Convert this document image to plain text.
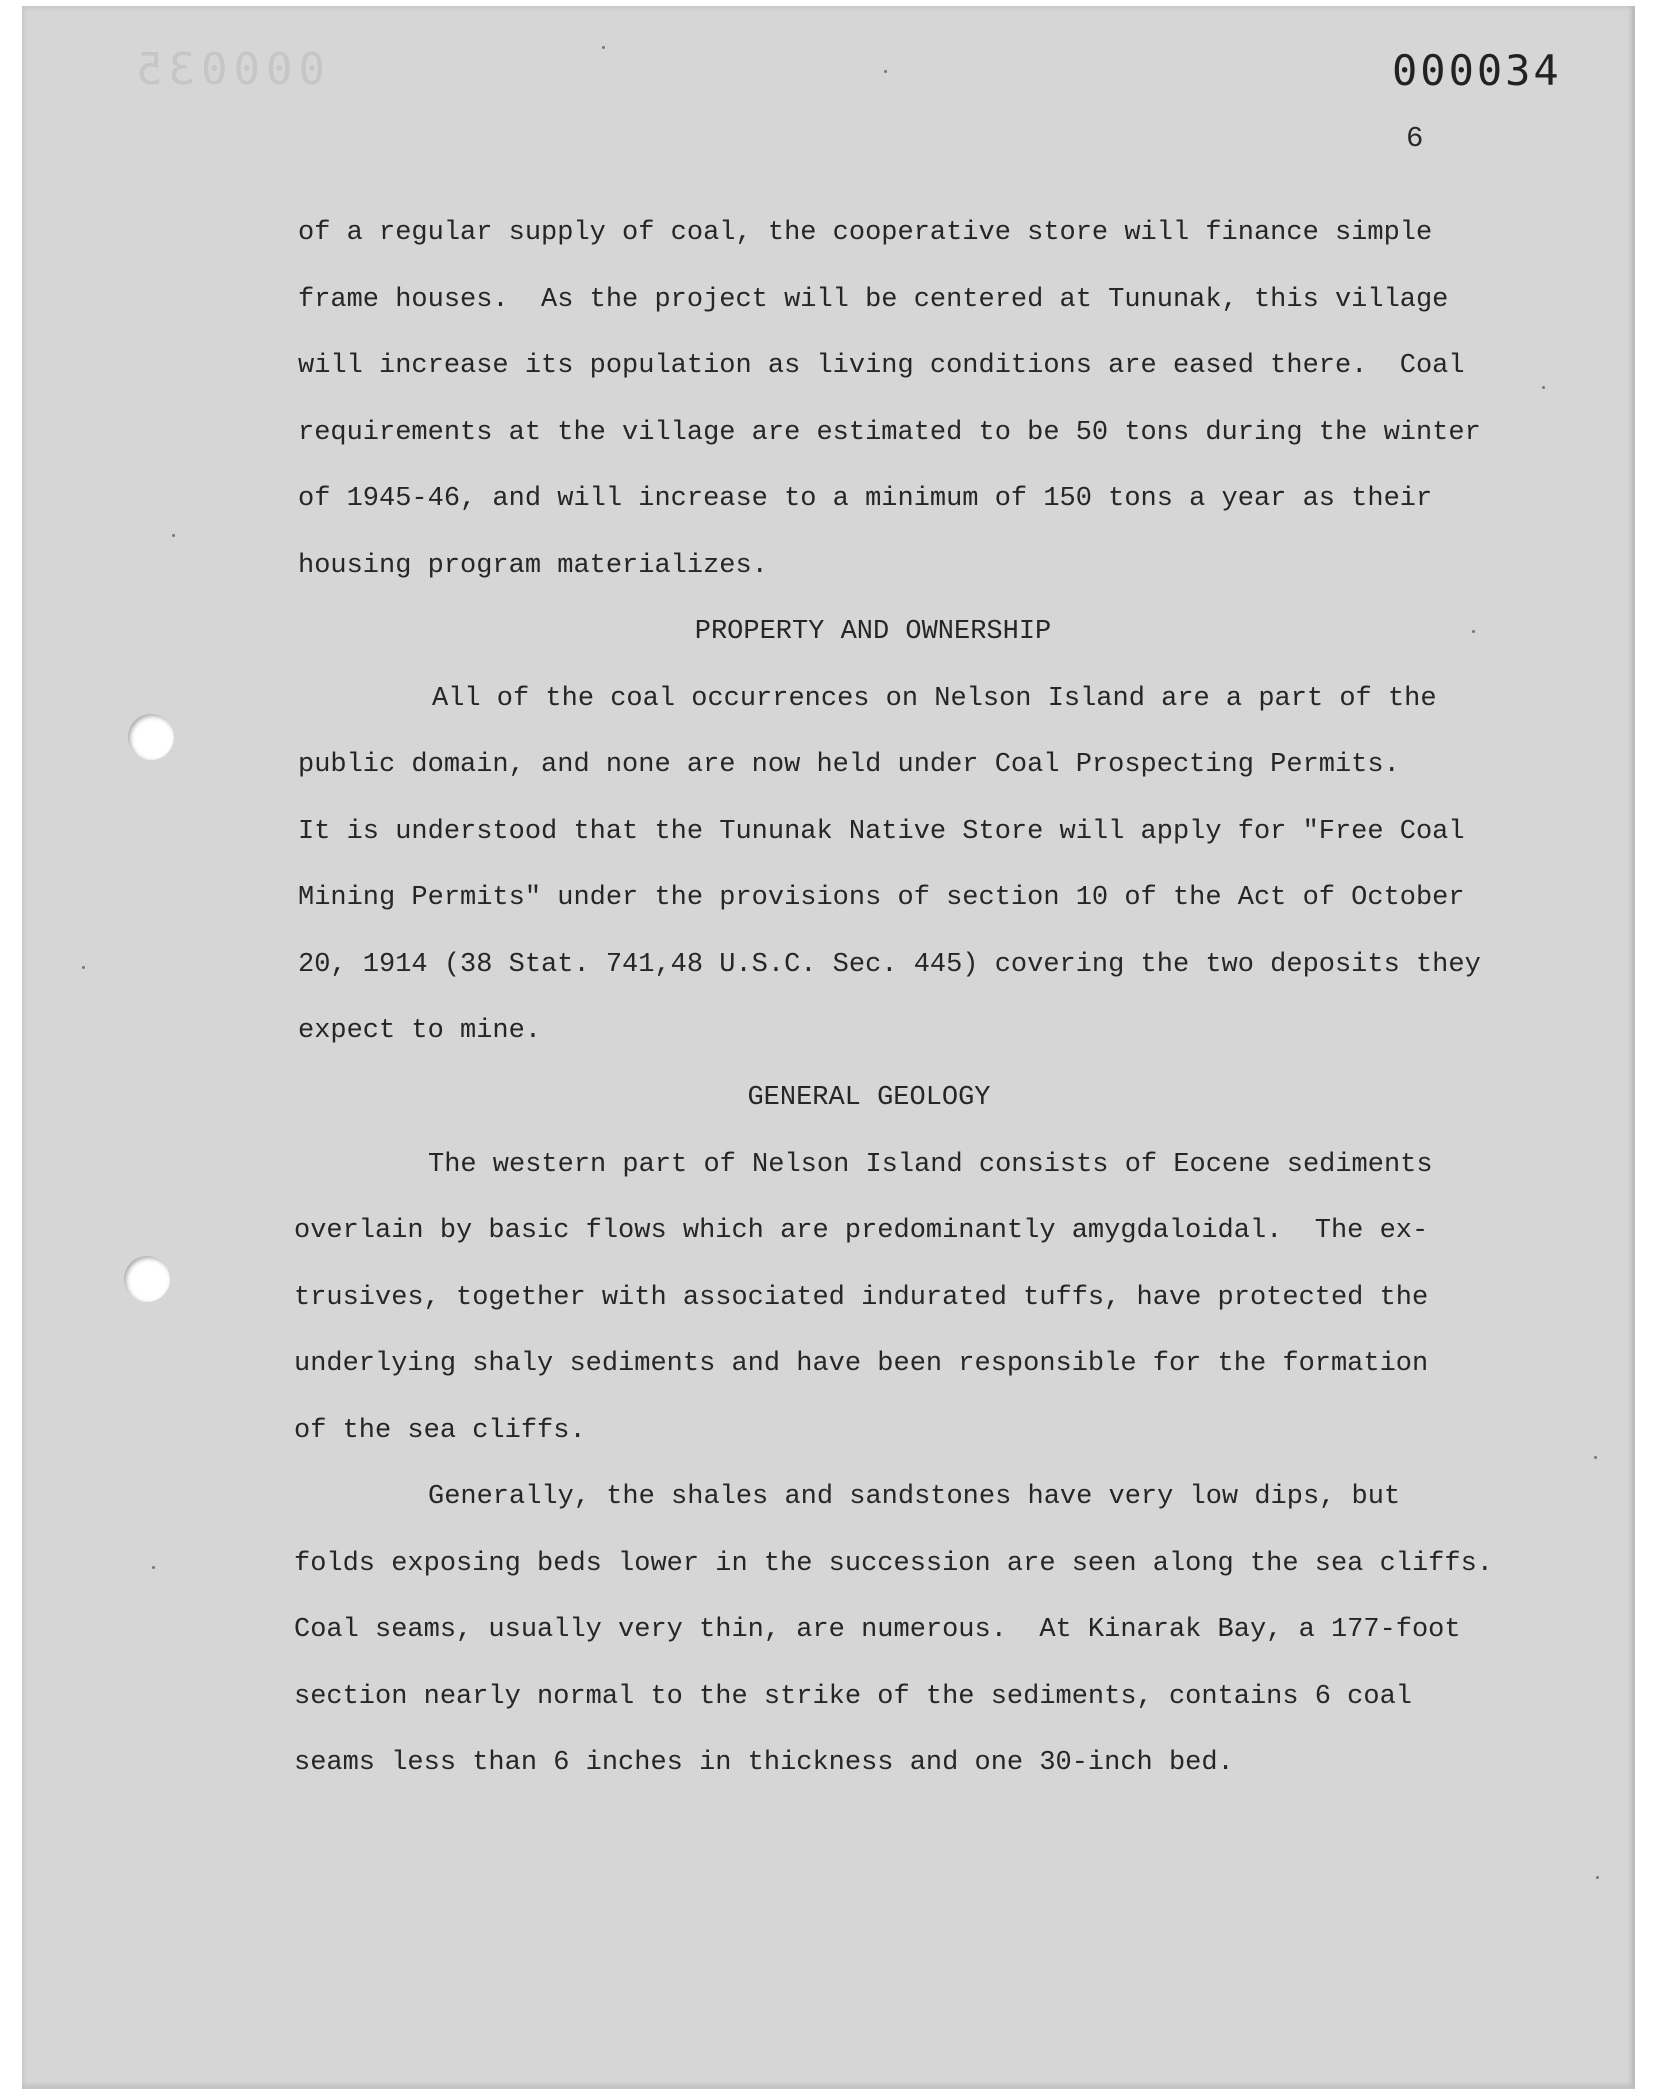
000035	000034
6
of a regular supply of coal, the cooperative store will finance simple
frame houses.  As the project will be centered at Tununak, this village
will increase its population as living conditions are eased there.  Coal
requirements at the village are estimated to be 50 tons during the winter
of 1945-46, and will increase to a minimum of 150 tons a year as their
housing program materializes.
PROPERTY AND OWNERSHIP
All of the coal occurrences on Nelson Island are a part of the
public domain, and none are now held under Coal Prospecting Permits.
It is understood that the Tununak Native Store will apply for "Free Coal
Mining Permits" under the provisions of section 10 of the Act of October
20, 1914 (38 Stat. 741,48 U.S.C. Sec. 445) covering the two deposits they
expect to mine.
GENERAL GEOLOGY
The western part of Nelson Island consists of Eocene sediments
overlain by basic flows which are predominantly amygdaloidal.  The ex-
trusives, together with associated indurated tuffs, have protected the
underlying shaly sediments and have been responsible for the formation
of the sea cliffs.
Generally, the shales and sandstones have very low dips, but
folds exposing beds lower in the succession are seen along the sea cliffs.
Coal seams, usually very thin, are numerous.  At Kinarak Bay, a 177-foot
section nearly normal to the strike of the sediments, contains 6 coal
seams less than 6 inches in thickness and one 30-inch bed.
